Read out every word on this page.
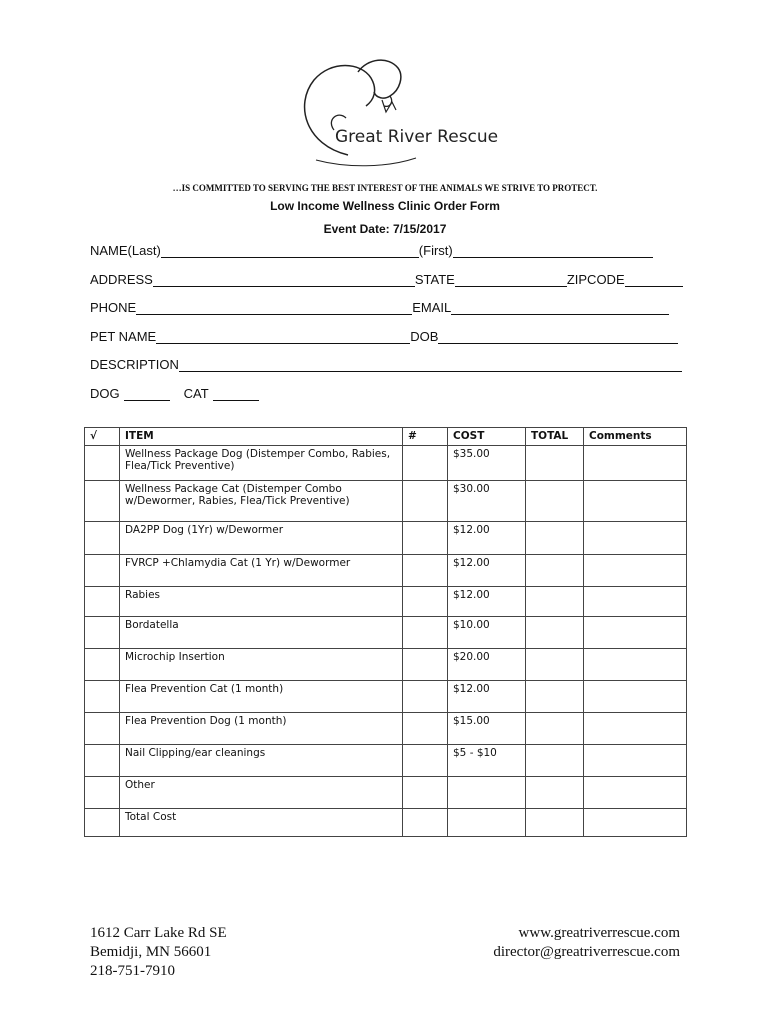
Great River Rescue
…IS COMMITTED TO SERVING THE BEST INTEREST OF THE ANIMALS WE STRIVE TO PROTECT.
Low Income Wellness Clinic Order Form
Event Date: 7/15/2017
NAME(Last)	(First)
ADDRESS	STATE	ZIPCODE
PHONE	EMAIL
PET NAME	DOB
DESCRIPTION
DOG	CAT
√	ITEM	#	COST	TOTAL	Comments
	Wellness Package Dog (Distemper Combo, Rabies, Flea/Tick Preventive)		$35.00		
	Wellness Package Cat (Distemper Combo w/Dewormer, Rabies, Flea/Tick Preventive)		$30.00		
	DA2PP Dog (1Yr) w/Dewormer		$12.00		
	FVRCP +Chlamydia Cat (1 Yr) w/Dewormer		$12.00		
	Rabies		$12.00		
	Bordatella		$10.00		
	Microchip Insertion		$20.00		
	Flea Prevention Cat (1 month)		$12.00		
	Flea Prevention Dog (1 month)		$15.00		
	Nail Clipping/ear cleanings		$5 - $10		
	Other				
	Total Cost				
1612 Carr Lake Rd SE
Bemidji, MN 56601
218-751-7910
www.greatriverrescue.com
director@greatriverrescue.com
